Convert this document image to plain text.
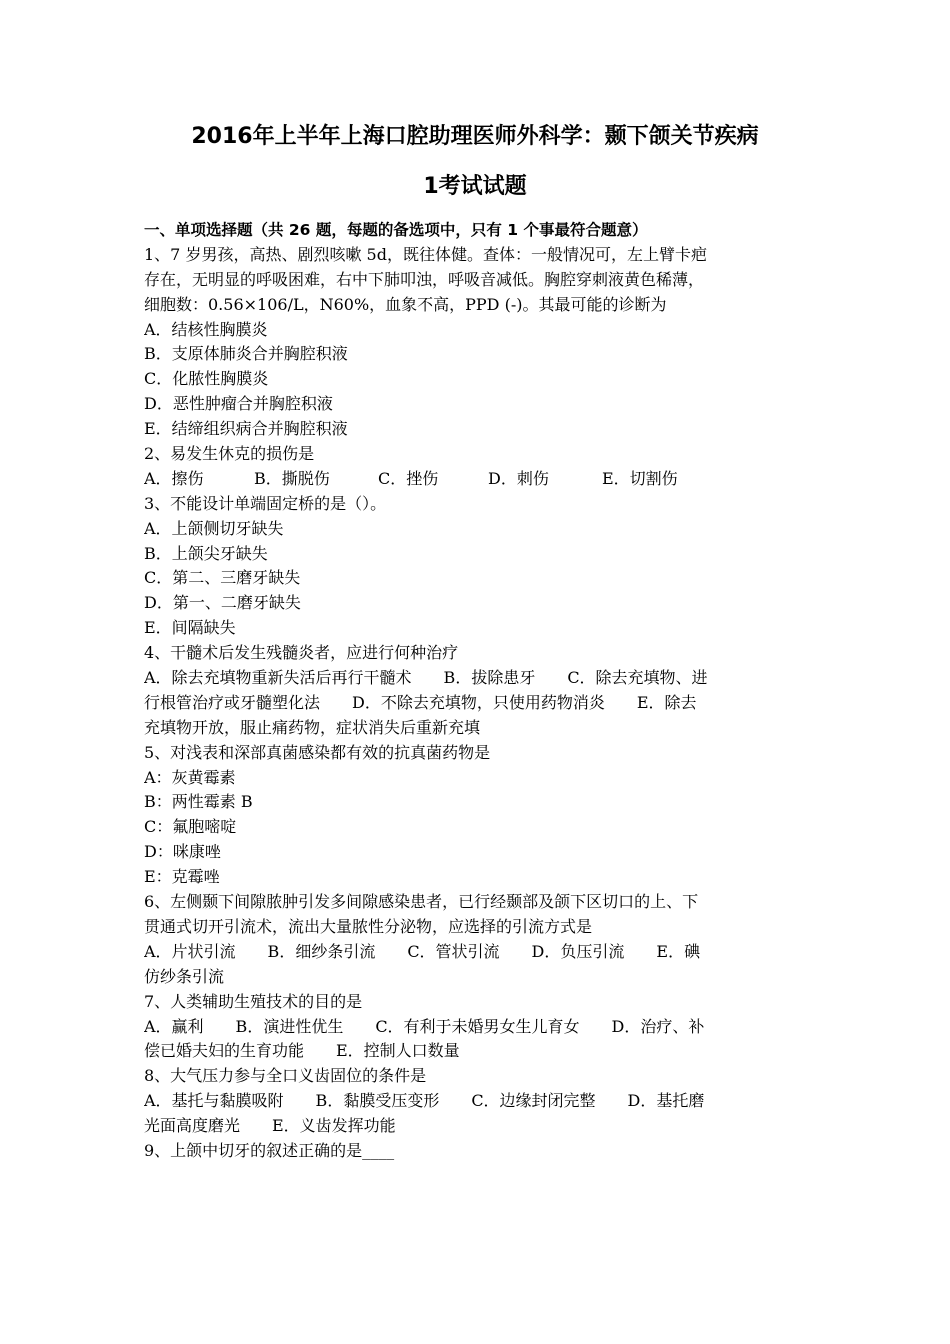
2016年上半年上海口腔助理医师外科学：颞下颌关节疾病
1考试试题
一、单项选择题（共 26 题，每题的备选项中，只有 1 个事最符合题意）
1、7 岁男孩，高热、剧烈咳嗽 5d，既往体健。查体：一般情况可，左上臂卡疤
存在，无明显的呼吸困难，右中下肺叩浊，呼吸音减低。胸腔穿刺液黄色稀薄，
细胞数：0.56×106/L，N60%，血象不高，PPD (-)。其最可能的诊断为
A．结核性胸膜炎
B．支原体肺炎合并胸腔积液
C．化脓性胸膜炎
D．恶性肿瘤合并胸腔积液
E．结缔组织病合并胸腔积液
2、易发生休克的损伤是
A．擦伤	B．撕脱伤	C．挫伤	D．刺伤	E．切割伤
3、不能设计单端固定桥的是（）。
A．上颌侧切牙缺失
B．上颌尖牙缺失
C．第二、三磨牙缺失
D．第一、二磨牙缺失
E．间隔缺失
4、干髓术后发生残髓炎者，应进行何种治疗
A．除去充填物重新失活后再行干髓术　　B．拔除患牙　　C．除去充填物、进
行根管治疗或牙髓塑化法　　D．不除去充填物，只使用药物消炎　　E．除去
充填物开放，服止痛药物，症状消失后重新充填
5、对浅表和深部真菌感染都有效的抗真菌药物是
A：灰黄霉素
B：两性霉素 B
C：氟胞嘧啶
D：咪康唑
E：克霉唑
6、左侧颞下间隙脓肿引发多间隙感染患者，已行经颞部及颌下区切口的上、下
贯通式切开引流术，流出大量脓性分泌物，应选择的引流方式是
A．片状引流　　B．细纱条引流　　C．管状引流　　D．负压引流　　E．碘
仿纱条引流
7、人类辅助生殖技术的目的是
A．赢利　　B．演进性优生　　C．有利于未婚男女生儿育女　　D．治疗、补
偿已婚夫妇的生育功能　　E．控制人口数量
8、大气压力参与全口义齿固位的条件是
A．基托与黏膜吸附　　B．黏膜受压变形　　C．边缘封闭完整　　D．基托磨
光面高度磨光　　E．义齿发挥功能
9、上颌中切牙的叙述正确的是____
